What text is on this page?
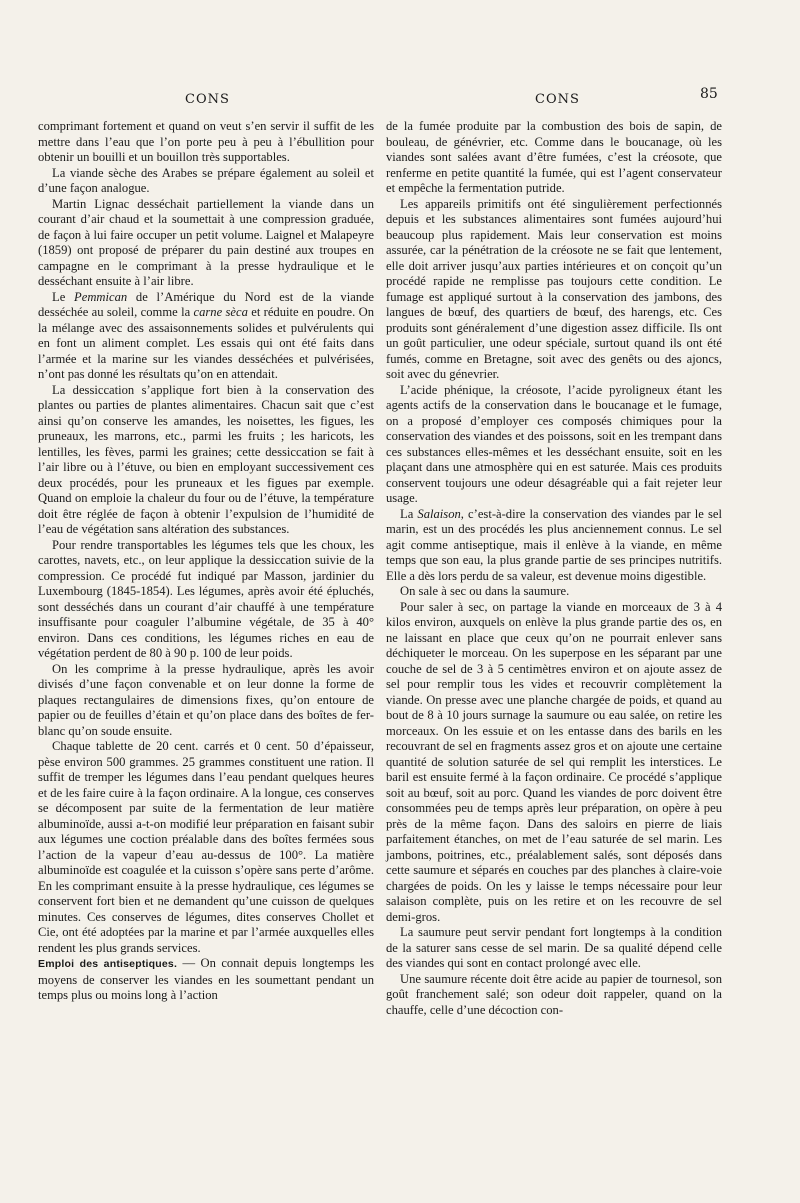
CONS	CONS	85

comprimant fortement et quand on veut s’en servir il suffit de les mettre dans l’eau que l’on porte peu à peu à l’ébullition pour obtenir un bouilli et un bouillon très supportables.

La viande sèche des Arabes se prépare également au soleil et d’une façon analogue.

Martin Lignac desséchait partiellement la viande dans un courant d’air chaud et la soumettait à une compression graduée, de façon à lui faire occuper un petit volume. Laignel et Malapeyre (1859) ont proposé de préparer du pain destiné aux troupes en campagne en le comprimant à la presse hydraulique et le desséchant ensuite à l’air libre.

Le Pemmican de l’Amérique du Nord est de la viande desséchée au soleil, comme la carne sèca et réduite en poudre. On la mélange avec des assaisonnements solides et pulvérulents qui en font un aliment complet. Les essais qui ont été faits dans l’armée et la marine sur les viandes desséchées et pulvérisées, n’ont pas donné les résultats qu’on en attendait.

La dessiccation s’applique fort bien à la conservation des plantes ou parties de plantes alimentaires. Chacun sait que c’est ainsi qu’on conserve les amandes, les noisettes, les figues, les pruneaux, les marrons, etc., parmi les fruits ; les haricots, les lentilles, les fèves, parmi les graines; cette dessiccation se fait à l’air libre ou à l’étuve, ou bien en employant successivement ces deux procédés, pour les pruneaux et les figues par exemple. Quand on emploie la chaleur du four ou de l’étuve, la température doit être réglée de façon à obtenir l’expulsion de l’humidité de l’eau de végétation sans altération des substances.

Pour rendre transportables les légumes tels que les choux, les carottes, navets, etc., on leur applique la dessiccation suivie de la compression. Ce procédé fut indiqué par Masson, jardinier du Luxembourg (1845-1854). Les légumes, après avoir été épluchés, sont desséchés dans un courant d’air chauffé à une température insuffisante pour coaguler l’albumine végétale, de 35 à 40° environ. Dans ces conditions, les légumes riches en eau de végétation perdent de 80 à 90 p. 100 de leur poids.

On les comprime à la presse hydraulique, après les avoir divisés d’une façon convenable et on leur donne la forme de plaques rectangulaires de dimensions fixes, qu’on entoure de papier ou de feuilles d’étain et qu’on place dans des boîtes de fer-blanc qu’on soude ensuite.

Chaque tablette de 20 cent. carrés et 0 cent. 50 d’épaisseur, pèse environ 500 grammes. 25 grammes constituent une ration. Il suffit de tremper les légumes dans l’eau pendant quelques heures et de les faire cuire à la façon ordinaire. A la longue, ces conserves se décomposent par suite de la fermentation de leur matière albuminoïde, aussi a-t-on modifié leur préparation en faisant subir aux légumes une coction préalable dans des boîtes fermées sous l’action de la vapeur d’eau au-dessus de 100°. La matière albuminoïde est coagulée et la cuisson s’opère sans perte d’arôme. En les comprimant ensuite à la presse hydraulique, ces légumes se conservent fort bien et ne demandent qu’une cuisson de quelques minutes. Ces conserves de légumes, dites conserves Chollet et Cie, ont été adoptées par la marine et par l’armée auxquelles elles rendent les plus grands services.

Emploi des antiseptiques. — On connait depuis longtemps les moyens de conserver les viandes en les soumettant pendant un temps plus ou moins long à l’action

de la fumée produite par la combustion des bois de sapin, de bouleau, de génévrier, etc. Comme dans le boucanage, où les viandes sont salées avant d’être fumées, c’est la créosote, que renferme en petite quantité la fumée, qui est l’agent conservateur et empêche la fermentation putride.

Les appareils primitifs ont été singulièrement perfectionnés depuis et les substances alimentaires sont fumées aujourd’hui beaucoup plus rapidement. Mais leur conservation est moins assurée, car la pénétration de la créosote ne se fait que lentement, elle doit arriver jusqu’aux parties intérieures et on conçoit qu’un procédé rapide ne remplisse pas toujours cette condition. Le fumage est appliqué surtout à la conservation des jambons, des langues de bœuf, des quartiers de bœuf, des harengs, etc. Ces produits sont généralement d’une digestion assez difficile. Ils ont un goût particulier, une odeur spéciale, surtout quand ils ont été fumés, comme en Bretagne, soit avec des genêts ou des ajoncs, soit avec du génevrier.

L’acide phénique, la créosote, l’acide pyroligneux étant les agents actifs de la conservation dans le boucanage et le fumage, on a proposé d’employer ces composés chimiques pour la conservation des viandes et des poissons, soit en les trempant dans ces substances elles-mêmes et les desséchant ensuite, soit en les plaçant dans une atmosphère qui en est saturée. Mais ces produits conservent toujours une odeur désagréable qui a fait rejeter leur usage.

La Salaison, c’est-à-dire la conservation des viandes par le sel marin, est un des procédés les plus anciennement connus. Le sel agit comme antiseptique, mais il enlève à la viande, en même temps que son eau, la plus grande partie de ses principes nutritifs. Elle a dès lors perdu de sa valeur, est devenue moins digestible.

On sale à sec ou dans la saumure.

Pour saler à sec, on partage la viande en morceaux de 3 à 4 kilos environ, auxquels on enlève la plus grande partie des os, en ne laissant en place que ceux qu’on ne pourrait enlever sans déchiqueter le morceau. On les superpose en les séparant par une couche de sel de 3 à 5 centimètres environ et on ajoute assez de sel pour remplir tous les vides et recouvrir complètement la viande. On presse avec une planche chargée de poids, et quand au bout de 8 à 10 jours surnage la saumure ou eau salée, on retire les morceaux. On les essuie et on les entasse dans des barils en les recouvrant de sel en fragments assez gros et on ajoute une certaine quantité de solution saturée de sel qui remplit les interstices. Le baril est ensuite fermé à la façon ordinaire. Ce procédé s’applique soit au bœuf, soit au porc. Quand les viandes de porc doivent être consommées peu de temps après leur préparation, on opère à peu près de la même façon. Dans des saloirs en pierre de liais parfaitement étanches, on met de l’eau saturée de sel marin. Les jambons, poitrines, etc., préalablement salés, sont déposés dans cette saumure et séparés en couches par des planches à claire-voie chargées de poids. On les y laisse le temps nécessaire pour leur salaison complète, puis on les retire et on les recouvre de sel demi-gros.

La saumure peut servir pendant fort longtemps à la condition de la saturer sans cesse de sel marin. De sa qualité dépend celle des viandes qui sont en contact prolongé avec elle.

Une saumure récente doit être acide au papier de tournesol, son goût franchement salé; son odeur doit rappeler, quand on la chauffe, celle d’une décoction con-
